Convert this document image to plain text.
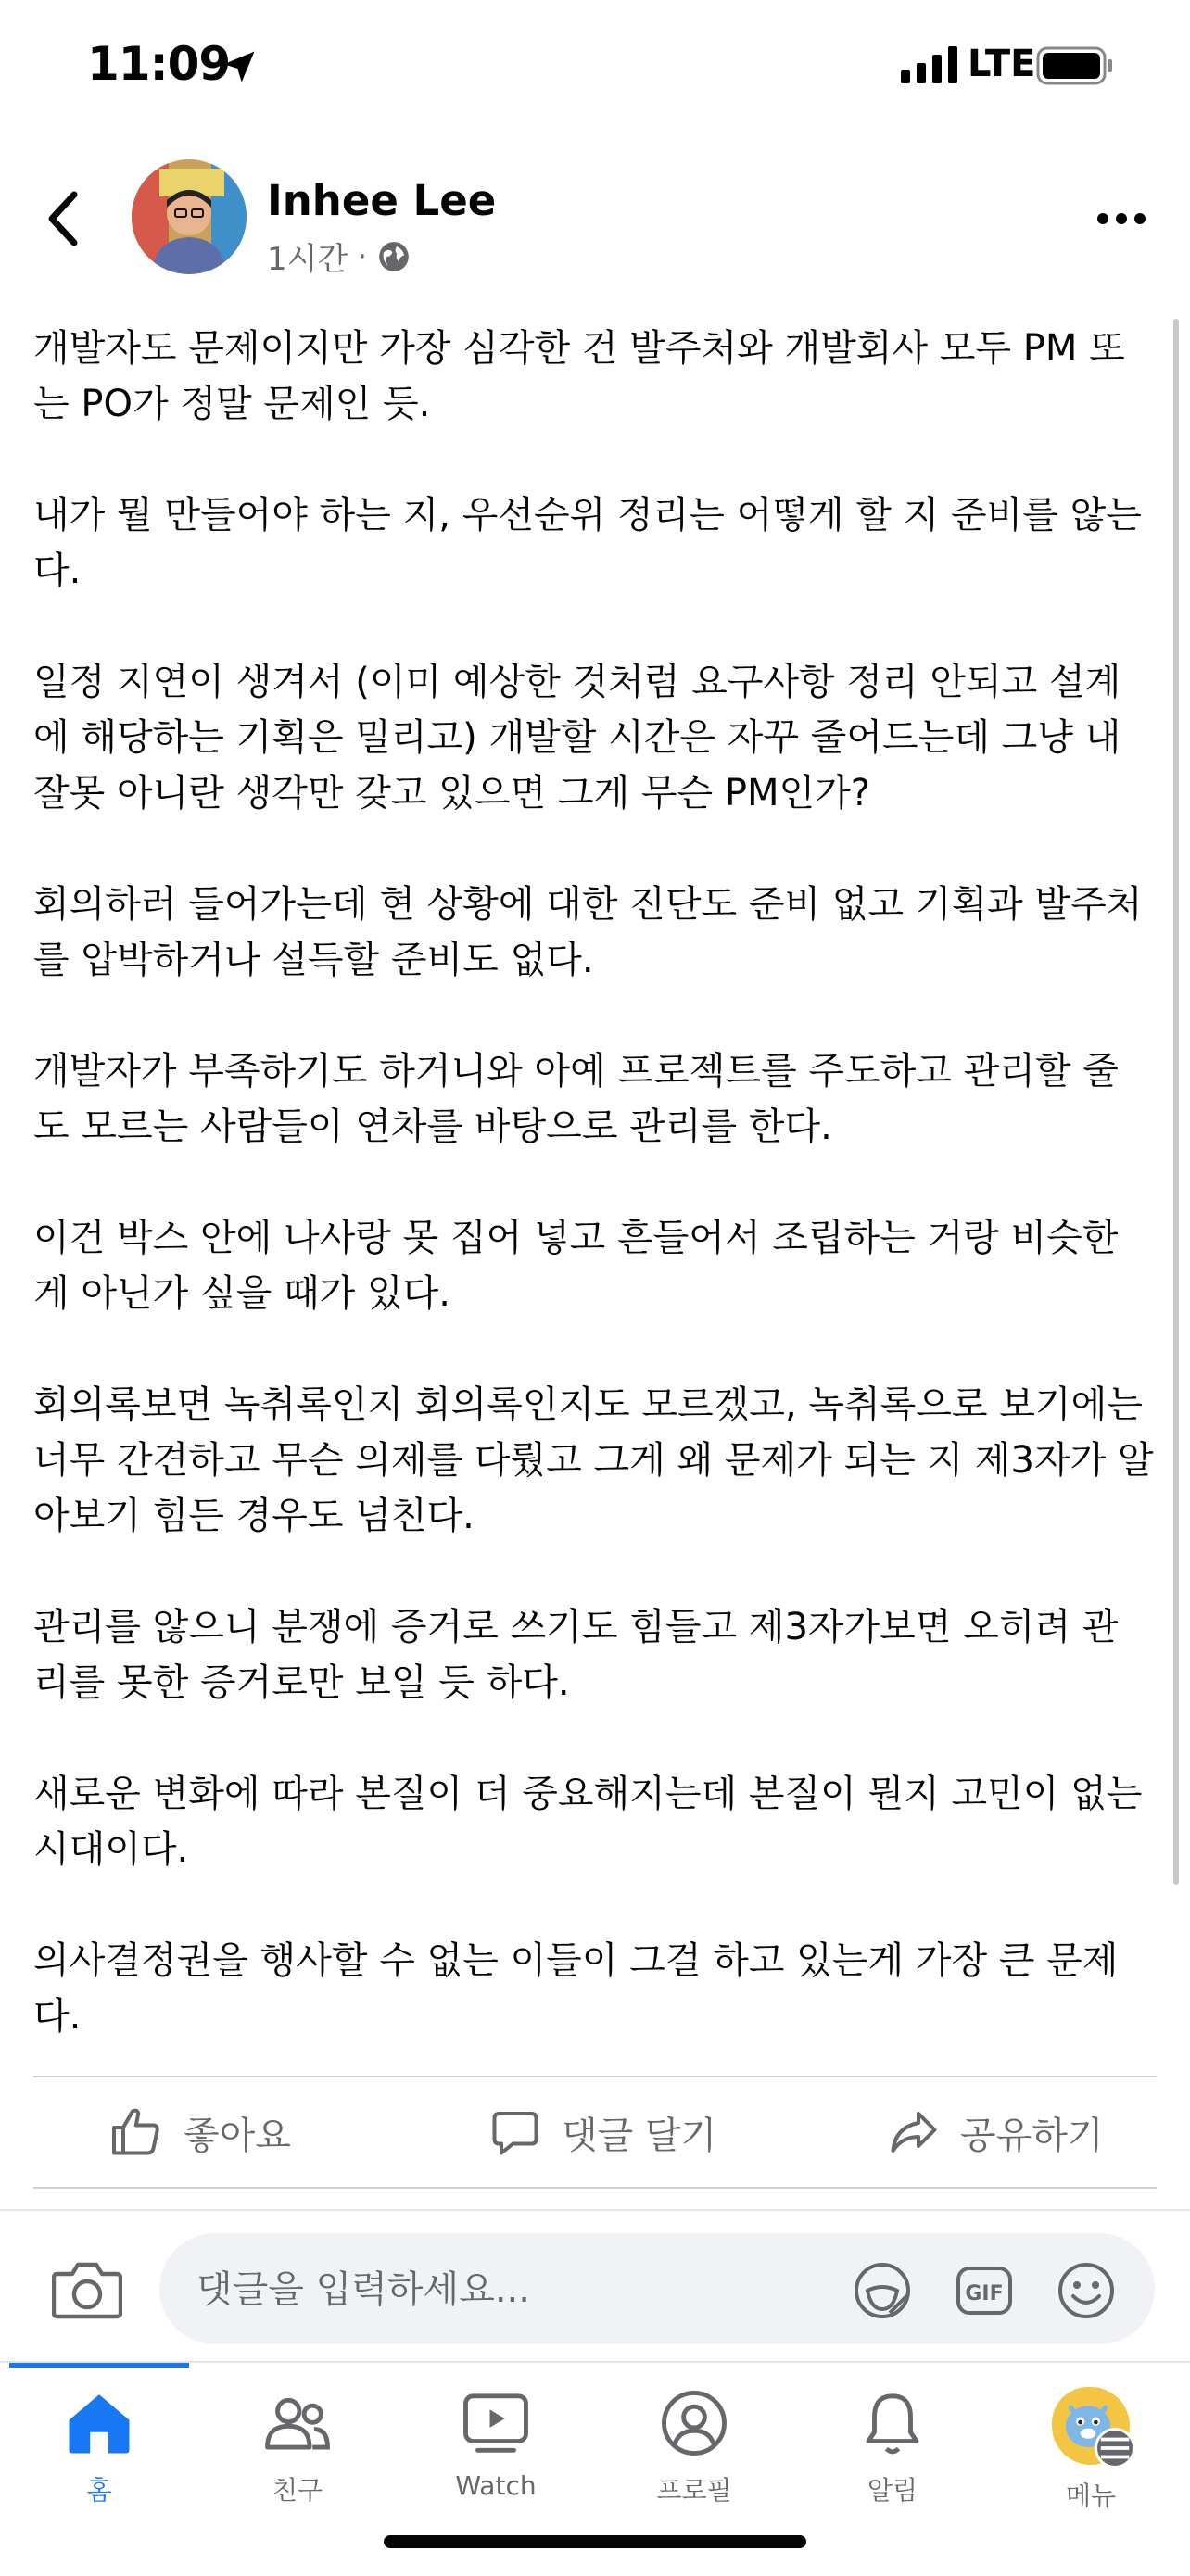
11:09	LTE
Inhee Lee
1시간 ·

개발자도 문제이지만 가장 심각한 건 발주처와 개발회사 모두 PM 또
는 PO가 정말 문제인 듯.

내가 뭘 만들어야 하는 지, 우선순위 정리는 어떻게 할 지 준비를 않는
다.

일정 지연이 생겨서 (이미 예상한 것처럼 요구사항 정리 안되고 설계
에 해당하는 기획은 밀리고) 개발할 시간은 자꾸 줄어드는데 그냥 내
잘못 아니란 생각만 갖고 있으면 그게 무슨 PM인가?

회의하러 들어가는데 현 상황에 대한 진단도 준비 없고 기획과 발주처
를 압박하거나 설득할 준비도 없다.

개발자가 부족하기도 하거니와 아예 프로젝트를 주도하고 관리할 줄
도 모르는 사람들이 연차를 바탕으로 관리를 한다.

이건 박스 안에 나사랑 못 집어 넣고 흔들어서 조립하는 거랑 비슷한
게 아닌가 싶을 때가 있다.

회의록보면 녹취록인지 회의록인지도 모르겠고, 녹취록으로 보기에는
너무 간견하고 무슨 의제를 다뤘고 그게 왜 문제가 되는 지 제3자가 알
아보기 힘든 경우도 넘친다.

관리를 않으니 분쟁에 증거로 쓰기도 힘들고 제3자가보면 오히려 관
리를 못한 증거로만 보일 듯 하다.

새로운 변화에 따라 본질이 더 중요해지는데 본질이 뭔지 고민이 없는
시대이다.

의사결정권을 행사할 수 없는 이들이 그걸 하고 있는게 가장 큰 문제
다.

좋아요	댓글 달기	공유하기
댓글을 입력하세요...
GIF
홈	친구	Watch	프로필	알림	메뉴
